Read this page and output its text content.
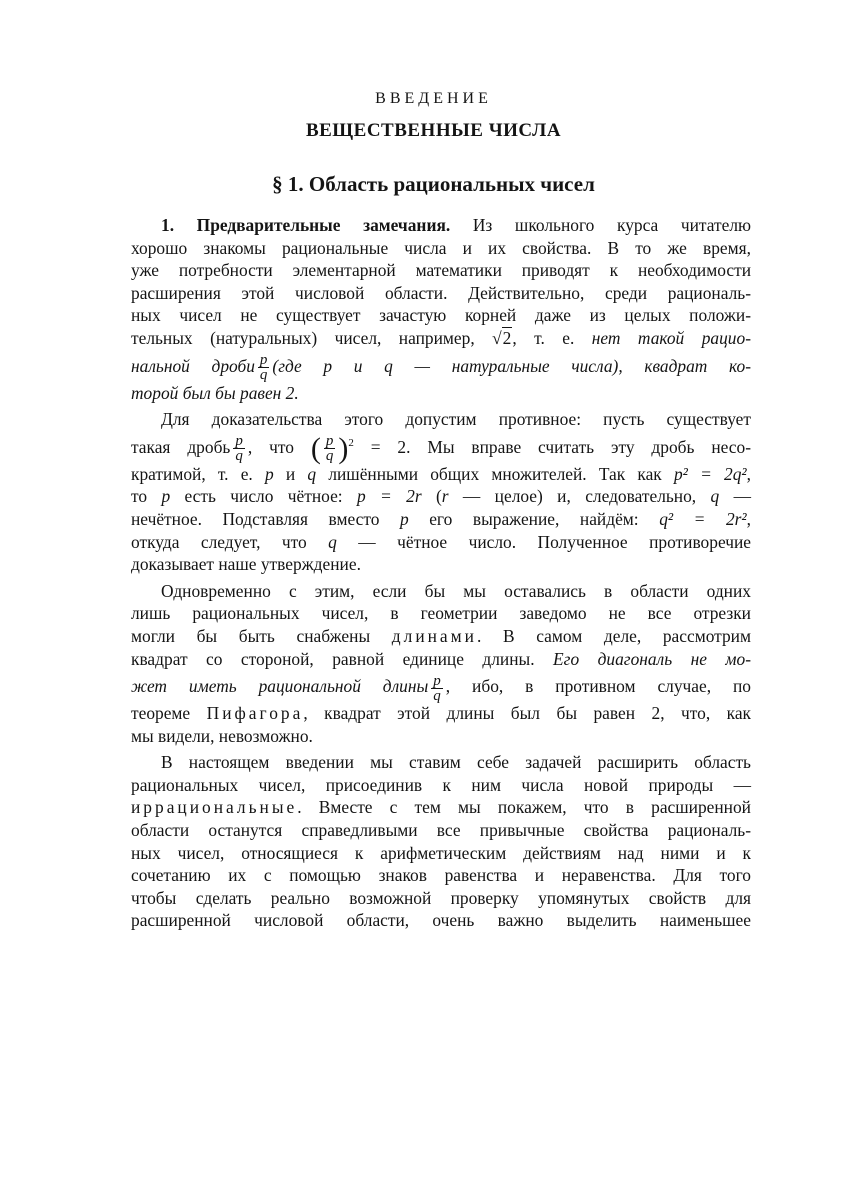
ВВЕДЕНИЕ
ВЕЩЕСТВЕННЫЕ ЧИСЛА
§ 1. Область рациональных чисел
1. Предварительные замечания. Из школьного курса читателю
хорошо знакомы рациональные числа и их свойства. В то же время,
уже потребности элементарной математики приводят к необходимости
расширения этой числовой области. Действительно, среди рациональ-
ных чисел не существует зачастую корней даже из целых положи-
тельных (натуральных) чисел, например, √2, т. е. нет такой рацио-
нальной дроби $\frac{p}{q} (где$ p и q — натуральные числа), квадрат ко-
торой был бы равен 2.
Для доказательства этого допустим противное: пусть существует
такая дробь $\frac{p}{q}$ , что ( $\frac{p}{q} )^2 = 2$. Мы вправе считать эту дробь несо-
кратимой, т. е. p и q лишёнными общих множителей. Так как p² = 2q²,
то p есть число чётное: p = 2r (r — целое) и, следовательно, q —
нечётное. Подставляя вместо p его выражение, найдём: q² = 2r²,
откуда следует, что q — чётное число. Полученное противоречие
доказывает наше утверждение.
Одновременно с этим, если бы мы оставались в области одних
лишь рациональных чисел, в геометрии заведомо не все отрезки
могли бы быть снабжены длинами. В самом деле, рассмотрим
квадрат со стороной, равной единице длины. Его диагональ не мо-
жет иметь рациональной длины $\frac{p}{q}$ , ибо, в противном случае, по
теореме Пифагора, квадрат этой длины был бы равен 2, что, как
мы видели, невозможно.
В настоящем введении мы ставим себе задачей расширить область
рациональных чисел, присоединив к ним числа новой природы —
иррациональные. Вместе с тем мы покажем, что в расширенной
области останутся справедливыми все привычные свойства рациональ-
ных чисел, относящиеся к арифметическим действиям над ними и к
сочетанию их с помощью знаков равенства и неравенства. Для того
чтобы сделать реально возможной проверку упомянутых свойств для
расширенной числовой области, очень важно выделить наименьшее
